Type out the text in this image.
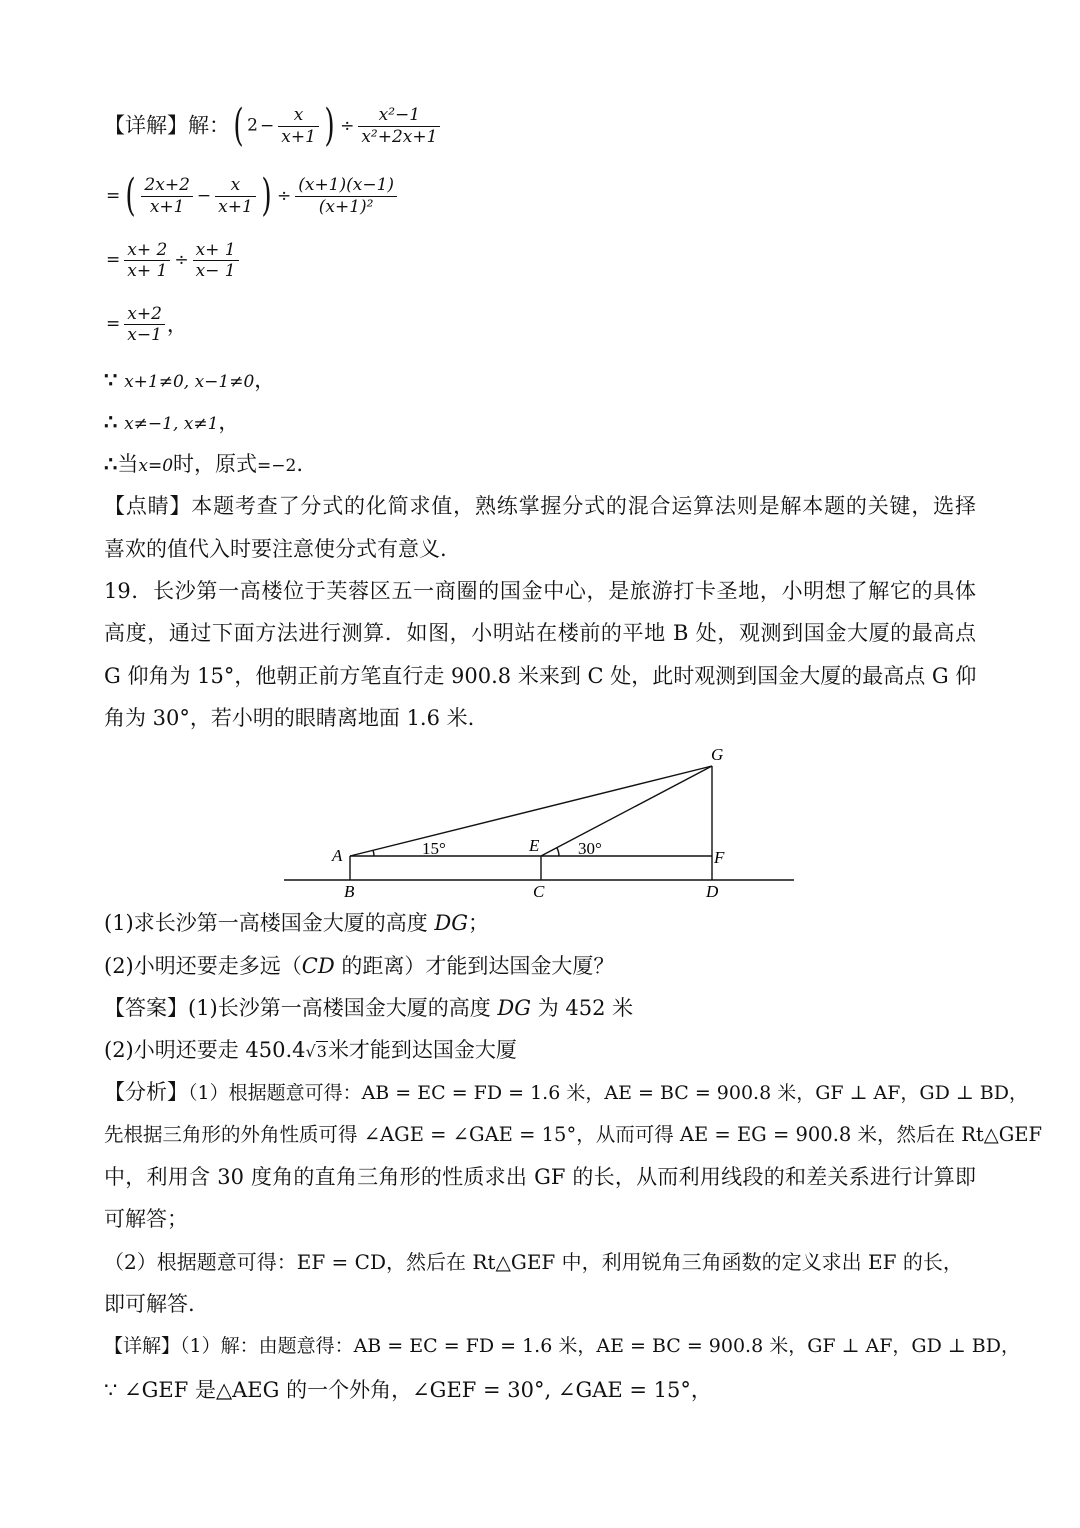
【详解】解：( $2 - \frac{x}{x+1}$ ) ÷ $\frac{\text{x²−1}}{\text{x²+2x+1}}$
= ( $\frac{2x+2}{x+1} - \frac{x}{x+1}$ ) ÷ $\frac{(x+1)(x-1)}{\text{(x+1)²}}$
= $\frac{x+ 2}{x+ 1} \div \frac{x+ 1}{x- 1}$
= $\frac{x+2}{x-1}$ ，
∵ x+1≠0, x−1≠0，
∴ x≠−1, x≠1，
∴当x=0时，原式=−2.
【点睛】本题考查了分式的化简求值，熟练掌握分式的混合运算法则是解本题的关键，选择
喜欢的值代入时要注意使分式有意义.
19．长沙第一高楼位于芙蓉区五一商圈的国金中心，是旅游打卡圣地，小明想了解它的具体
高度，通过下面方法进行测算．如图，小明站在楼前的平地 B 处，观测到国金大厦的最高点
G 仰角为 15°，他朝正前方笔直行走 900.8 米来到 C 处，此时观测到国金大厦的最高点 G 仰
角为 30°，若小明的眼睛离地面 1.6 米.
G
A
E
F
B	C	D
15°	30°
(1)求长沙第一高楼国金大厦的高度 DG；
(2)小明还要走多远（CD 的距离）才能到达国金大厦？
【答案】(1)长沙第一高楼国金大厦的高度 DG 为 452 米
(2)小明还要走 450.4√3米才能到达国金大厦
【分析】（1）根据题意可得：AB = EC = FD = 1.6 米，AE = BC = 900.8 米，GF ⊥ AF，GD ⊥ BD，
先根据三角形的外角性质可得 ∠AGE = ∠GAE = 15°，从而可得 AE = EG = 900.8 米，然后在 Rt△GEF
中，利用含 30 度角的直角三角形的性质求出 GF 的长，从而利用线段的和差关系进行计算即
可解答；
（2）根据题意可得：EF = CD，然后在 Rt△GEF 中，利用锐角三角函数的定义求出 EF 的长，
即可解答.
【详解】（1）解：由题意得：AB = EC = FD = 1.6 米，AE = BC = 900.8 米，GF ⊥ AF，GD ⊥ BD，
∵ ∠GEF 是△AEG 的一个外角，∠GEF = 30°, ∠GAE = 15°，
